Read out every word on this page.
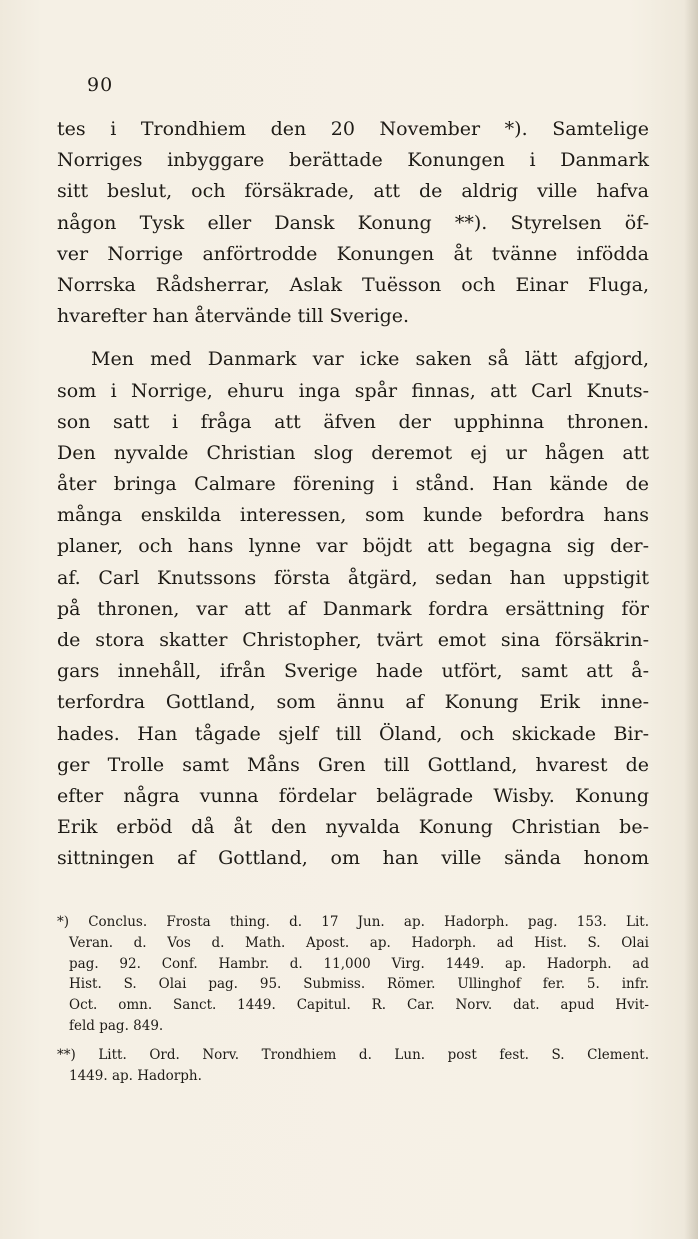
90

tes i Trondhiem den 20 November *). Samtelige
Norriges inbyggare berättade Konungen i Danmark
sitt beslut, och försäkrade, att de aldrig ville hafva
någon Tysk eller Dansk Konung **). Styrelsen öf-
ver Norrige anförtrodde Konungen åt tvänne infödda
Norrska Rådsherrar, Aslak Tuësson och Einar Fluga,
hvarefter han återvände till Sverige.
Men med Danmark var icke saken så lätt afgjord,
som i Norrige, ehuru inga spår finnas, att Carl Knuts-
son satt i fråga att äfven der upphinna thronen.
Den nyvalde Christian slog deremot ej ur hågen att
åter bringa Calmare förening i stånd. Han kände de
många enskilda interessen, som kunde befordra hans
planer, och hans lynne var böjdt att begagna sig der-
af. Carl Knutssons första åtgärd, sedan han uppstigit
på thronen, var att af Danmark fordra ersättning för
de stora skatter Christopher, tvärt emot sina försäkrin-
gars innehåll, ifrån Sverige hade utfört, samt att å-
terfordra Gottland, som ännu af Konung Erik inne-
hades. Han tågade sjelf till Öland, och skickade Bir-
ger Trolle samt Måns Gren till Gottland, hvarest de
efter några vunna fördelar belägrade Wisby. Konung
Erik erböd då åt den nyvalda Konung Christian be-
sittningen af Gottland, om han ville sända honom
*) Conclus. Frosta thing. d. 17 Jun. ap. Hadorph. pag. 153. Lit.
Veran. d. Vos d. Math. Apost. ap. Hadorph. ad Hist. S. Olai
pag. 92. Conf. Hambr. d. 11,000 Virg. 1449. ap. Hadorph. ad
Hist. S. Olai pag. 95. Submiss. Römer. Ullinghof fer. 5. infr.
Oct. omn. Sanct. 1449. Capitul. R. Car. Norv. dat. apud Hvit-
feld pag. 849.
**) Litt. Ord. Norv. Trondhiem d. Lun. post fest. S. Clement.
1449. ap. Hadorph.
